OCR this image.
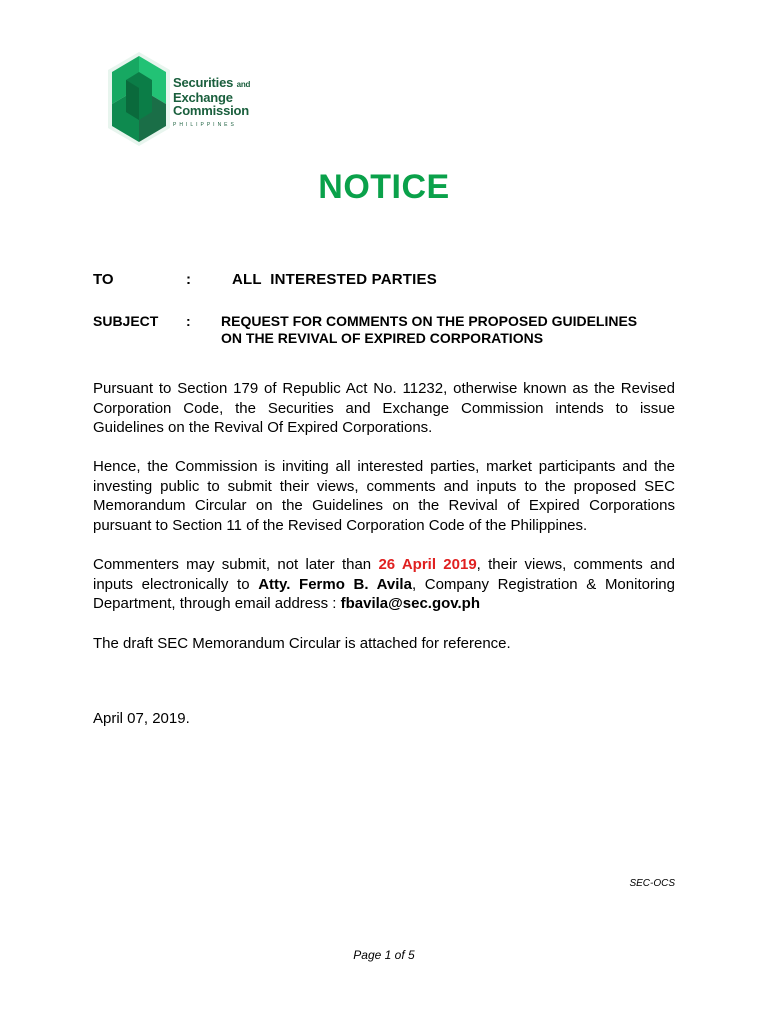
Securities and
Exchange
Commission
PHILIPPINES
NOTICE
TO	:	ALL  INTERESTED PARTIES
SUBJECT : REQUEST FOR COMMENTS ON THE PROPOSED GUIDELINES
ON THE REVIVAL OF EXPIRED CORPORATIONS
Pursuant to Section 179 of Republic Act No. 11232, otherwise known as the Revised Corporation Code, the Securities and Exchange Commission intends to issue Guidelines on the Revival Of Expired Corporations.
Hence, the Commission is inviting all interested parties, market participants and the investing public to submit their views, comments and inputs to the proposed SEC Memorandum Circular on the Guidelines on the Revival of Expired Corporations pursuant to Section 11 of the Revised Corporation Code of the Philippines.
Commenters may submit, not later than 26 April 2019, their views, comments and inputs electronically to Atty. Fermo B. Avila, Company Registration & Monitoring Department, through email address : fbavila@sec.gov.ph
The draft SEC Memorandum Circular is attached for reference.
April 07, 2019.
SEC-OCS
Page 1 of 5
